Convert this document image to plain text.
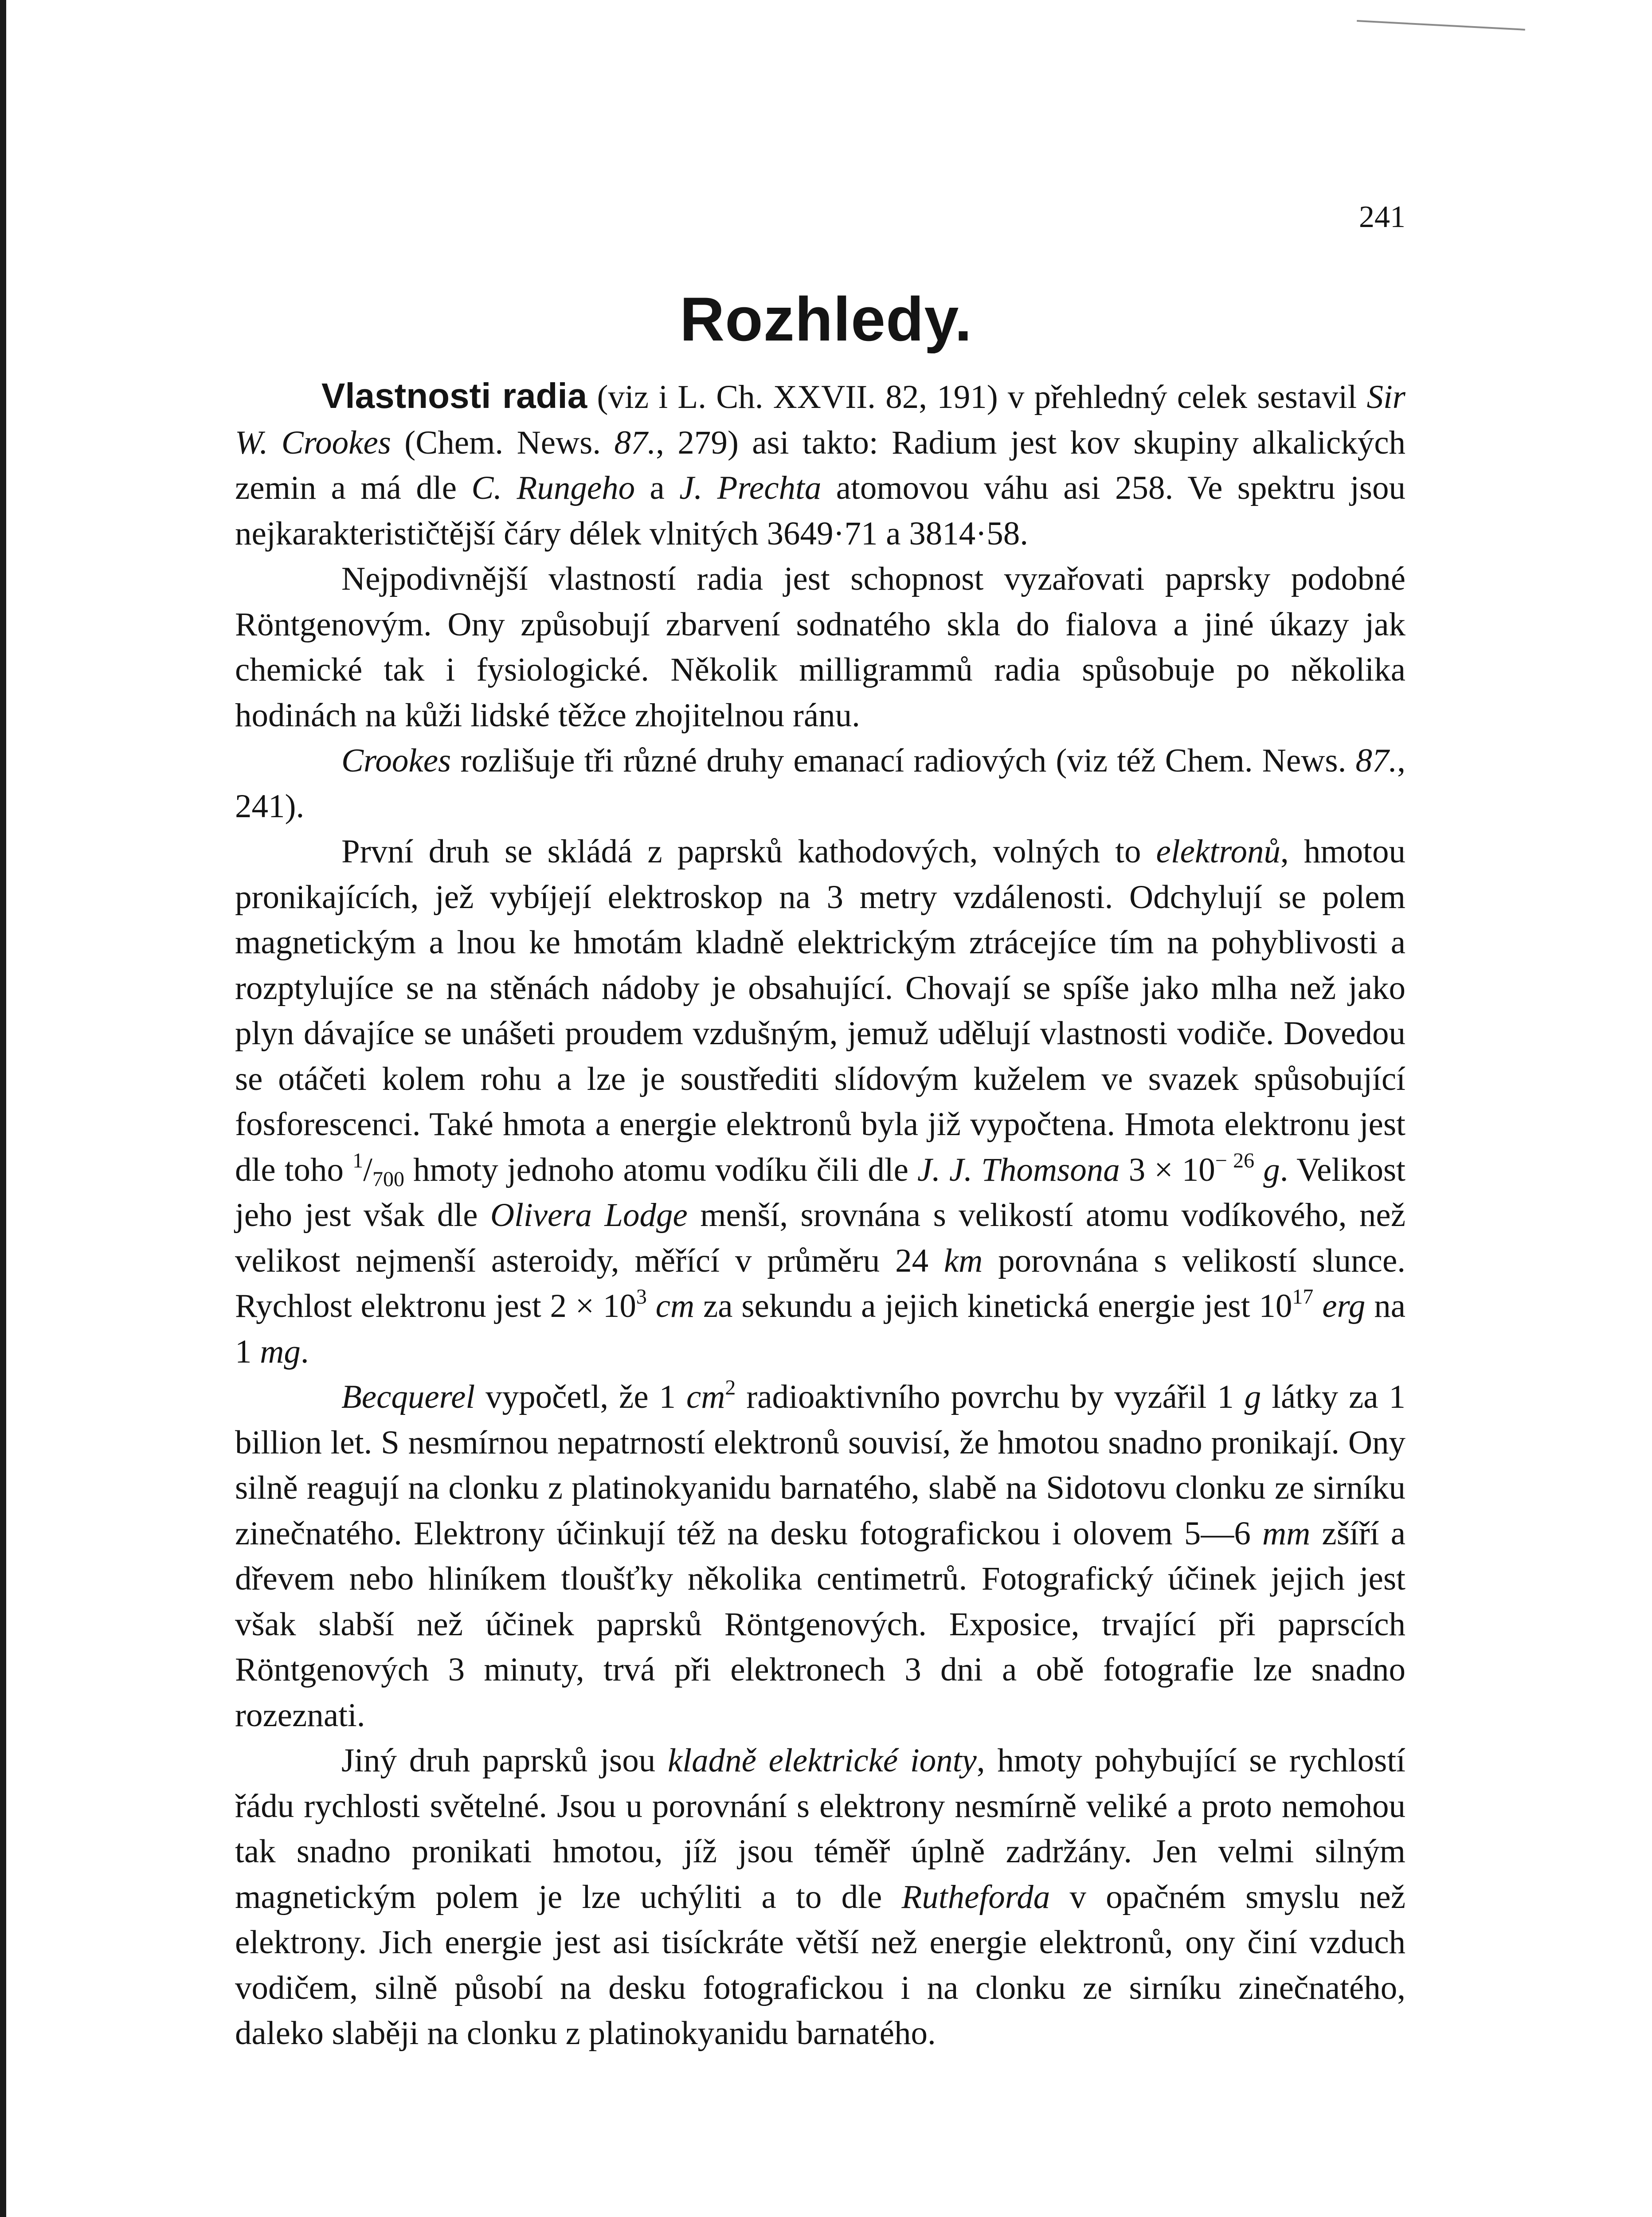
241
Rozhledy.

Vlastnosti radia (viz i L. Ch. XXVII. 82, 191) v přehledný celek sestavil Sir W. Crookes (Chem. News. 87., 279) asi takto: Radium jest kov skupiny alkalických zemin a má dle C. Rungeho a J. Prechta atomovou váhu asi 258. Ve spektru jsou nejkarakterističtější čáry délek vlnitých 3649·71 a 3814·58.

Nejpodivnější vlastností radia jest schopnost vyzařovati paprsky podobné Röntgenovým. Ony způsobují zbarvení sodnatého skla do fialova a jiné úkazy jak chemické tak i fysiologické. Několik milligrammů radia spůsobuje po několika hodinách na kůži lidské těžce zhojitelnou ránu.

Crookes rozlišuje tři různé druhy emanací radiových (viz též Chem. News. 87., 241).

První druh se skládá z paprsků kathodových, volných to elektronů, hmotou pronikajících, jež vybíjejí elektroskop na 3 metry vzdálenosti. Odchylují se polem magnetickým a lnou ke hmotám kladně elektrickým ztrácejíce tím na pohyblivosti a rozptylujíce se na stěnách nádoby je obsahující. Chovají se spíše jako mlha než jako plyn dávajíce se unášeti proudem vzdušným, jemuž udělují vlastnosti vodiče. Dovedou se otáčeti kolem rohu a lze je soustřediti slídovým kuželem ve svazek spůsobující fosforescenci. Také hmota a energie elektronů byla již vypočtena. Hmota elektronu jest dle toho $^1/_{700}$ hmoty jednoho atomu vodíku čili dle J. J. Thomsona $3 \times 10^{- 26}$ g. Velikost jeho jest však dle Olivera Lodge menší, srovnána s velikostí atomu vodíkového, než velikost nejmenší asteroidy, měřící v průměru 24 km porovnána s velikostí slunce. Rychlost elektronu jest $2 \times 10^3$ cm za sekundu a jejich kinetická energie jest $10^{17}$ erg na 1 mg.

Becquerel vypočetl, že 1 $cm^2$ radioaktivního povrchu by vyzářil 1 g látky za 1 billion let. S nesmírnou nepatrností elektronů souvisí, že hmotou snadno pronikají. Ony silně reagují na clonku z platinokyanidu barnatého, slabě na Sidotovu clonku ze sirníku zinečnatého. Elektrony účinkují též na desku fotografickou i olovem 5—6 mm zšíří a dřevem nebo hliníkem tloušťky několika centimetrů. Fotografický účinek jejich jest však slabší než účinek paprsků Röntgenových. Exposice, trvající při paprscích Röntgenových 3 minuty, trvá při elektronech 3 dni a obě fotografie lze snadno rozeznati.

Jiný druh paprsků jsou kladně elektrické ionty, hmoty pohybující se rychlostí řádu rychlosti světelné. Jsou u porovnání s elektrony nesmírně veliké a proto nemohou tak snadno pronikati hmotou, jíž jsou téměř úplně zadržány. Jen velmi silným magnetickým polem je lze uchýliti a to dle Rutheforda v opačném smyslu než elektrony. Jich energie jest asi tisíckráte větší než energie elektronů, ony činí vzduch vodičem, silně působí na desku fotografickou i na clonku ze sirníku zinečnatého, daleko slaběji na clonku z platinokyanidu barnatého.
